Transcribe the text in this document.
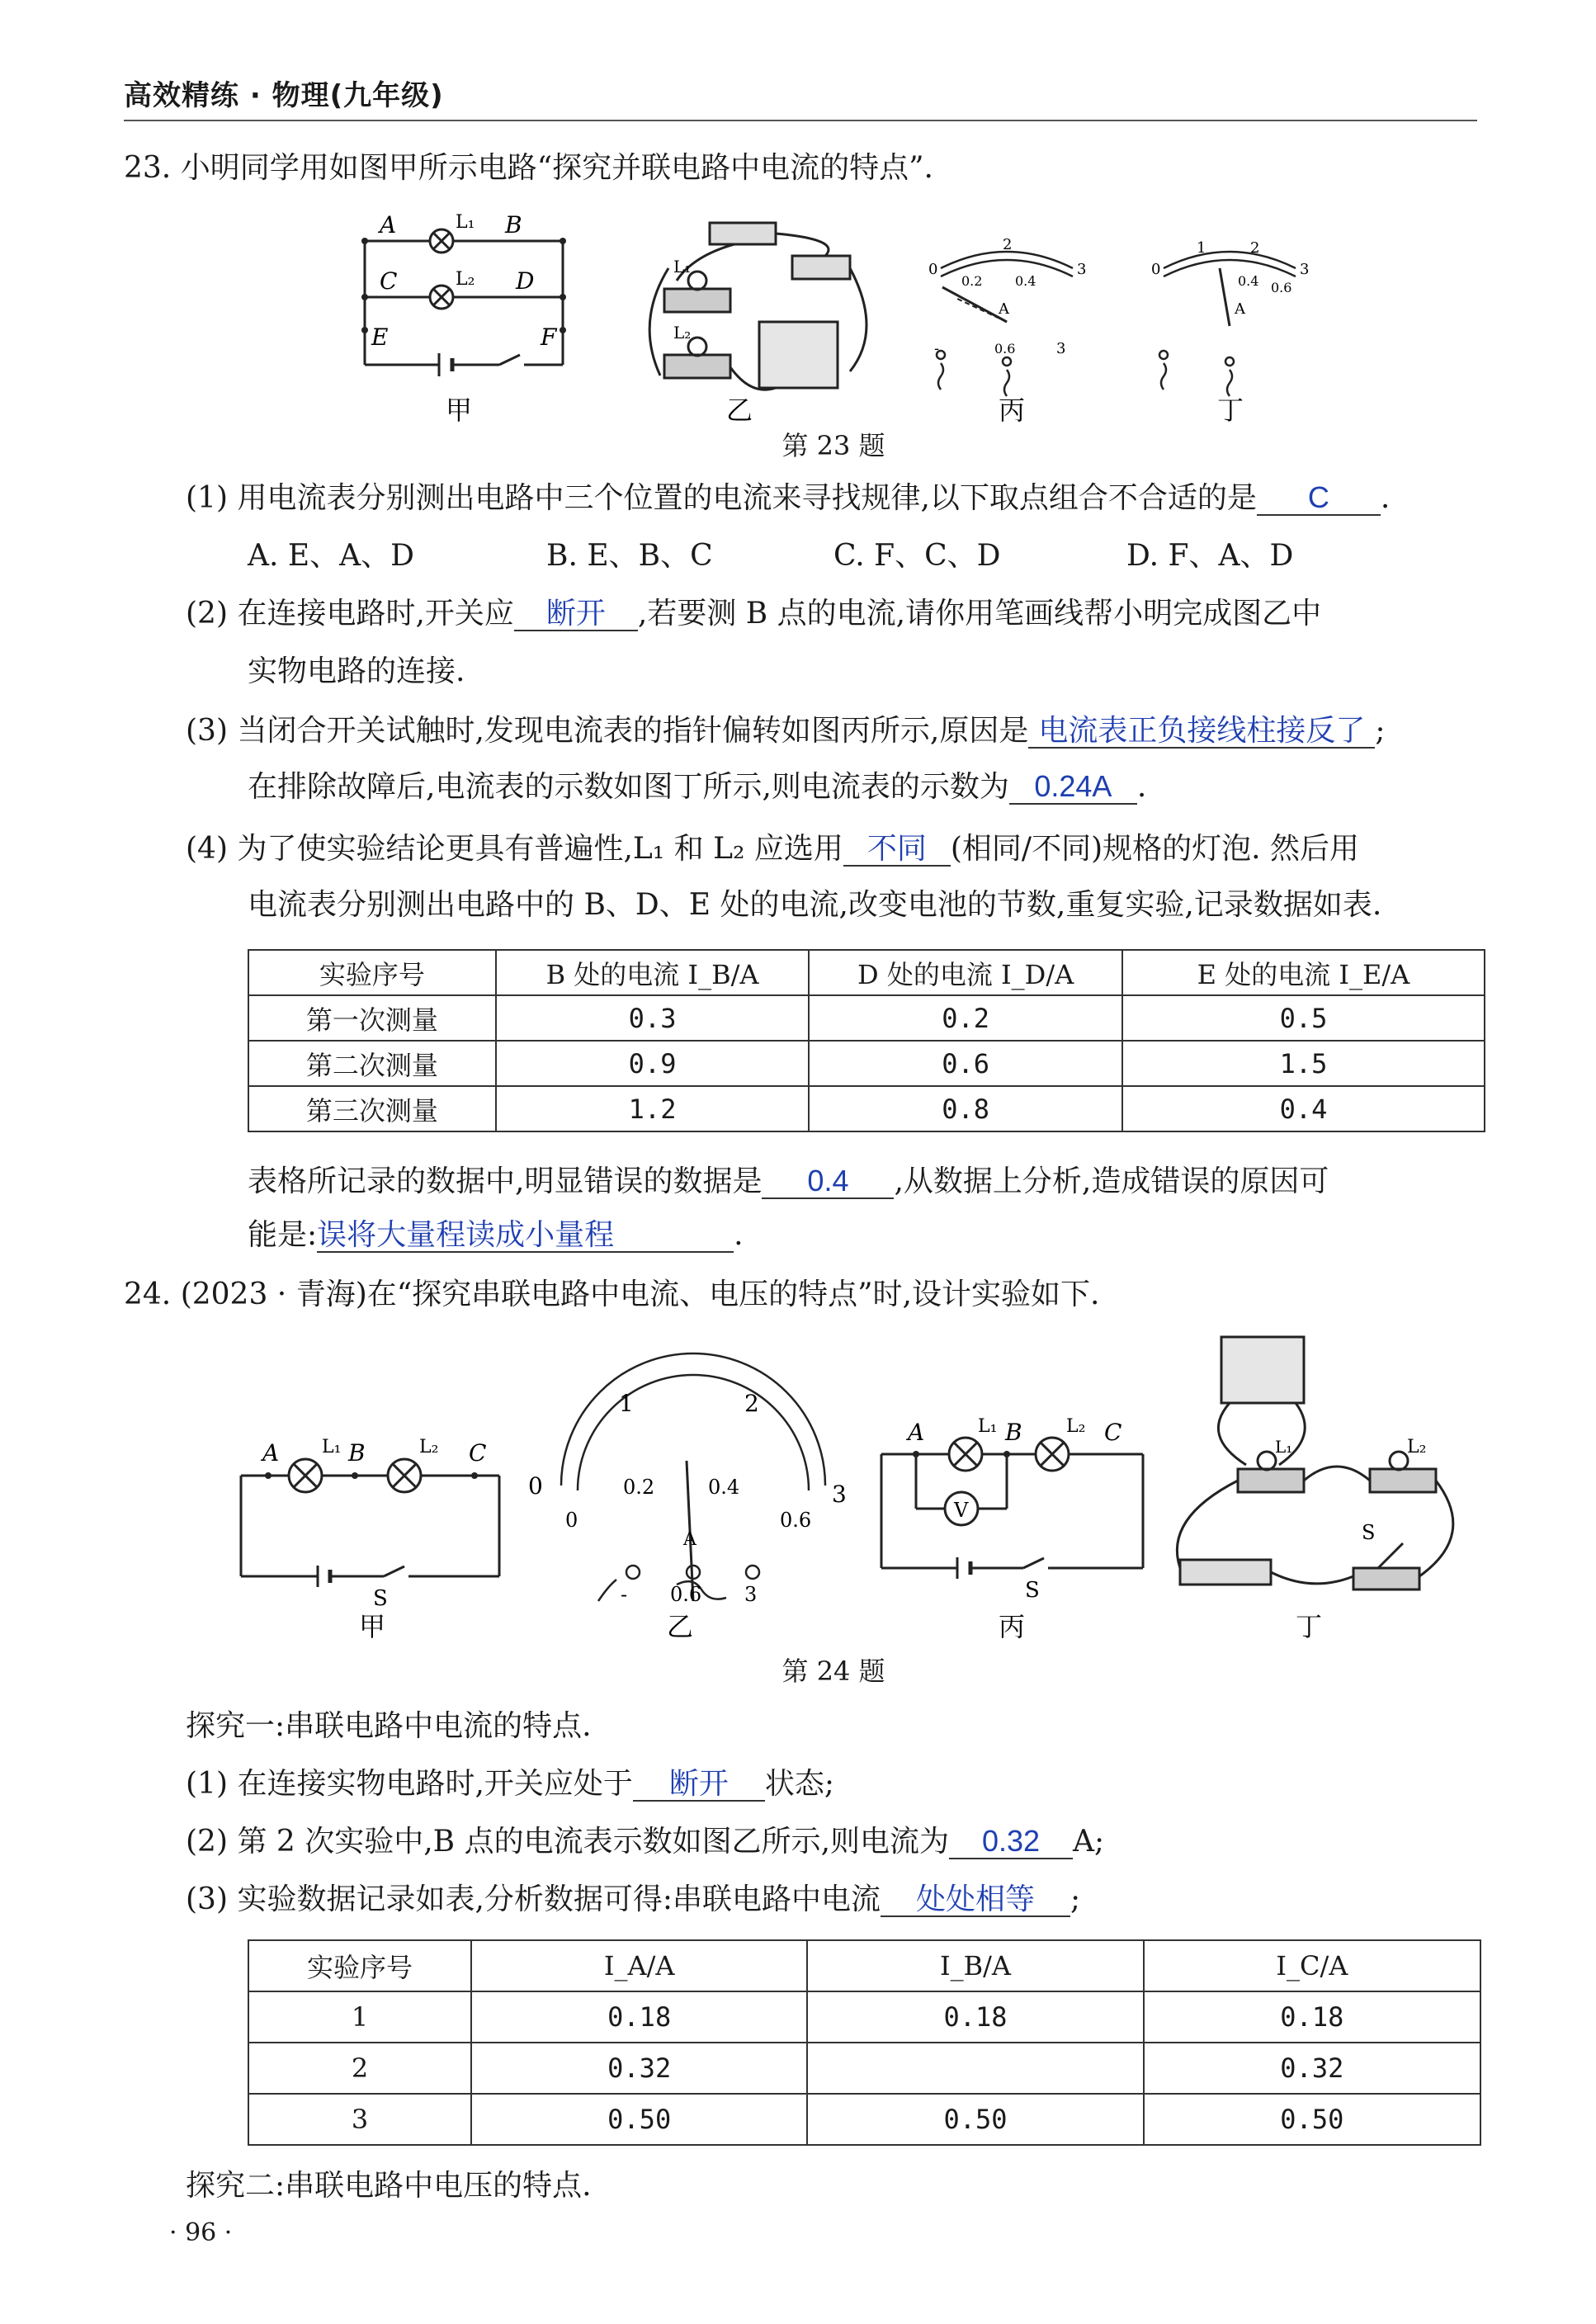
高效精练 · 物理(九年级)
23. 小明同学用如图甲所示电路“探究并联电路中电流的特点”.
A	B
C	D
E	F
L₁
L₂
甲
L₁
L₂
乙
0
2
3
0.2 0.4
A
-	0.6	3
丙
0
1	2
3
0.4 0.6
A
丁
第 23 题
(1) 用电流表分别测出电路中三个位置的电流来寻找规律,以下取点组合不合适的是 C .
A. E、A、D	B. E、B、C	C. F、C、D	D. F、A、D
(2) 在连接电路时,开关应 断开 ,若要测 B 点的电流,请你用笔画线帮小明完成图乙中
实物电路的连接.
(3) 当闭合开关试触时,发现电流表的指针偏转如图丙所示,原因是 电流表正负接线柱接反了 ;
在排除故障后,电流表的示数如图丁所示,则电流表的示数为 0.24A .
(4) 为了使实验结论更具有普遍性,L₁ 和 L₂ 应选用 不同 (相同/不同)规格的灯泡. 然后用
电流表分别测出电路中的 B、D、E 处的电流,改变电池的节数,重复实验,记录数据如表.
实验序号	B 处的电流 I_B/A	D 处的电流 I_D/A	E 处的电流 I_E/A
第一次测量	0.3	0.2	0.5
第二次测量	0.9	0.6	1.5
第三次测量	1.2	0.8	0.4
表格所记录的数据中,明显错误的数据是 0.4 ,从数据上分析,造成错误的原因可
能是:误将大量程读成小量程	.
24. (2023 · 青海)在“探究串联电路中电流、电压的特点”时,设计实验如下.
A	B	C
L₁	L₂
S
甲
0
1	2
3
0
0.2	0.4
0.6
A
- 0.6 3
乙
A	B	C
L₁	L₂
V
S
丙
L₂
L₁
S
丁
第 24 题
探究一:串联电路中电流的特点.
(1) 在连接实物电路时,开关应处于 断开 状态;
(2) 第 2 次实验中,B 点的电流表示数如图乙所示,则电流为 0.32 A;
(3) 实验数据记录如表,分析数据可得:串联电路中电流 处处相等 ;
实验序号	I_A/A	I_B/A	I_C/A
1	0.18	0.18	0.18
2	0.32		0.32
3	0.50	0.50	0.50
探究二:串联电路中电压的特点.
· 96 ·
